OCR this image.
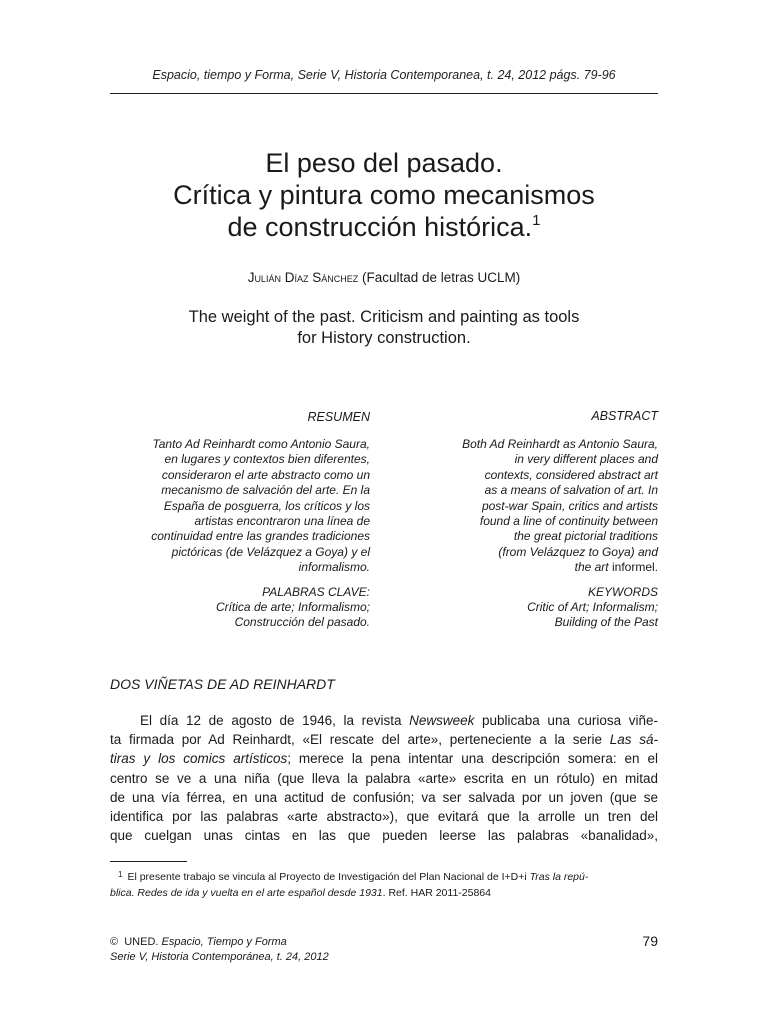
Espacio, tiempo y Forma, Serie V, Historia Contemporanea, t. 24, 2012 págs. 79-96
El peso del pasado.
Crítica y pintura como mecanismos
de construcción histórica.$^1$
Julián Díaz Sánchez (Facultad de letras UCLM)
The weight of the past. Criticism and painting as tools
for History construction.
RESUMEN	ABSTRACT
Tanto Ad Reinhardt como Antonio Saura,
en lugares y contextos bien diferentes,
consideraron el arte abstracto como un
mecanismo de salvación del arte. En la
España de posguerra, los críticos y los
artistas encontraron una línea de
continuidad entre las grandes tradiciones
pictóricas (de Velázquez a Goya) y el
informalismo.
Both Ad Reinhardt as Antonio Saura,
in very different places and
contexts, considered abstract art
as a means of salvation of art. In
post-war Spain, critics and artists
found a line of continuity between
the great pictorial traditions
(from Velázquez to Goya) and
the art informel.
PALABRAS CLAVE:
Crítica de arte; Informalismo;
Construcción del pasado.
KEYWORDS
Critic of Art; Informalism;
Building of the Past
DOS VIÑETAS DE AD REINHARDT
El día 12 de agosto de 1946, la revista Newsweek publicaba una curiosa viñe-
ta firmada por Ad Reinhardt, «El rescate del arte», perteneciente a la serie Las sá-
tiras y los comics artísticos; merece la pena intentar una descripción somera: en el
centro se ve a una niña (que lleva la palabra «arte» escrita en un rótulo) en mitad
de una vía férrea, en una actitud de confusión; va ser salvada por un joven (que se
identifica por las palabras «arte abstracto»), que evitará que la arrolle un tren del
que cuelgan unas cintas en las que pueden leerse las palabras «banalidad»,
$^1$ El presente trabajo se vincula al Proyecto de Investigación del Plan Nacional de I+D+i Tras la repú-
blica. Redes de ida y vuelta en el arte español desde 1931. Ref. HAR 2011-25864
© UNED. Espacio, Tiempo y Forma
Serie V, Historia Contemporánea, t. 24, 2012
79
